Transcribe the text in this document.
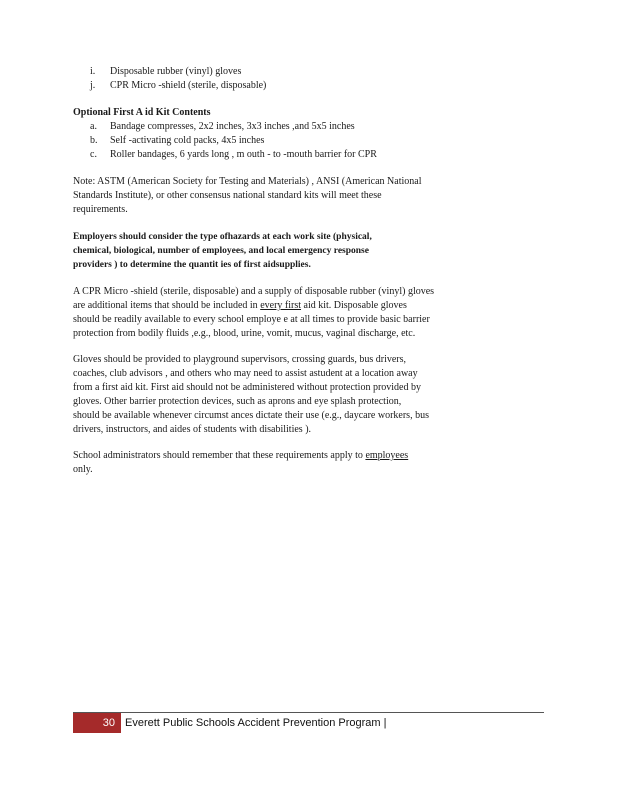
i. Disposable rubber (vinyl) gloves
j. CPR Micro -shield (sterile, disposable)
Optional First A id Kit Contents
a. Bandage compresses, 2x2 inches, 3x3 inches ,and 5x5 inches
b. Self -activating cold packs, 4x5 inches
c. Roller bandages, 6 yards long , m outh - to -mouth barrier for CPR
Note: ASTM (American Society for Testing and Materials) , ANSI (American National
Standards Institute), or other consensus national standard kits will meet these
requirements.
Employers should consider the type ofhazards at each work site (physical,
chemical, biological, number of employees, and local emergency response
providers ) to determine the quantit ies of first aidsupplies.
A CPR Micro -shield (sterile, disposable) and a supply of disposable rubber (vinyl) gloves
are additional items that should be included in every first aid kit. Disposable gloves
should be readily available to every school employe e at all times to provide basic barrier
protection from bodily fluids ,e.g., blood, urine, vomit, mucus, vaginal discharge, etc.
Gloves should be provided to playground supervisors, crossing guards, bus drivers,
coaches, club advisors , and others who may need to assist astudent at a location away
from a first aid kit. First aid should not be administered without protection provided by
gloves. Other barrier protection devices, such as aprons and eye splash protection,
should be available whenever circumst ances dictate their use (e.g., daycare workers, bus
drivers, instructors, and aides of students with disabilities ).
School administrators should remember that these requirements apply to employees
only.
30 Everett Public Schools Accident Prevention Program |
